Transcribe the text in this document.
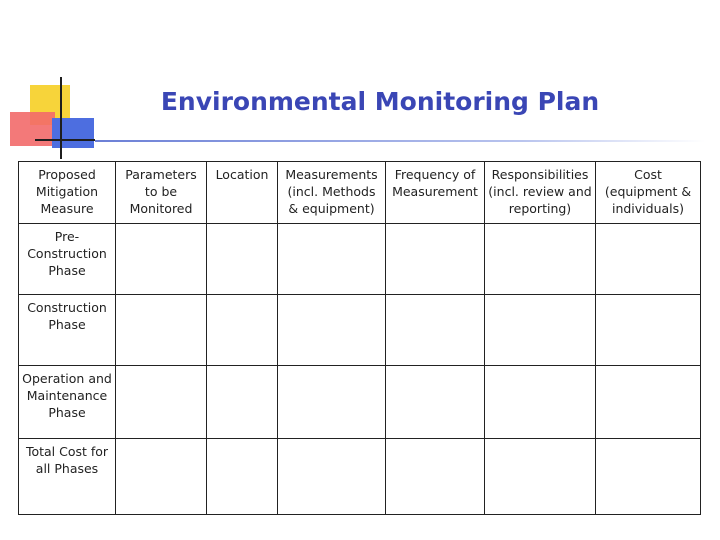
Environmental Monitoring Plan
Proposed Mitigation Measure	Parameters to be Monitored	Location	Measurements (incl. Methods & equipment)	Frequency of Measurement	Responsibilities (incl. review and reporting)	Cost (equipment & individuals)
Pre-Construction Phase						
Construction Phase						
Operation and Maintenance Phase						
Total Cost for all Phases						
